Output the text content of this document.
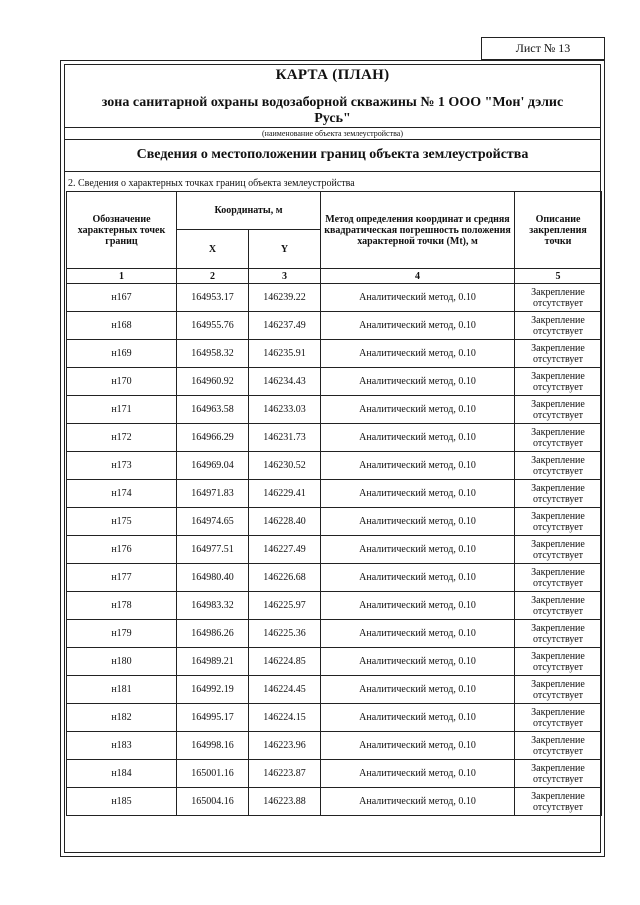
Лист № 13
КАРТА (ПЛАН)
зона санитарной охраны водозаборной скважины № 1 ООО "Мон' дэлис Русь"
(наименование объекта землеустройства)
Сведения о местоположении границ объекта землеустройства
2. Сведения о характерных точках границ объекта землеустройства
Обозначение характерных точек границ	Координаты, м		Метод определения координат и средняя квадратическая погрешность положения характерной точки (Mt), м	Описание закрепления точки
	X	Y		
1	2	3	4	5
н167	164953.17	146239.22	Аналитический метод, 0.10	Закрепление
отсутствует

н168	164955.76	146237.49	Аналитический метод, 0.10	Закрепление
отсутствует

н169	164958.32	146235.91	Аналитический метод, 0.10	Закрепление
отсутствует

н170	164960.92	146234.43	Аналитический метод, 0.10	Закрепление
отсутствует

н171	164963.58	146233.03	Аналитический метод, 0.10	Закрепление
отсутствует

н172	164966.29	146231.73	Аналитический метод, 0.10	Закрепление
отсутствует

н173	164969.04	146230.52	Аналитический метод, 0.10	Закрепление
отсутствует

н174	164971.83	146229.41	Аналитический метод, 0.10	Закрепление
отсутствует

н175	164974.65	146228.40	Аналитический метод, 0.10	Закрепление
отсутствует

н176	164977.51	146227.49	Аналитический метод, 0.10	Закрепление
отсутствует

н177	164980.40	146226.68	Аналитический метод, 0.10	Закрепление
отсутствует

н178	164983.32	146225.97	Аналитический метод, 0.10	Закрепление
отсутствует

н179	164986.26	146225.36	Аналитический метод, 0.10	Закрепление
отсутствует

н180	164989.21	146224.85	Аналитический метод, 0.10	Закрепление
отсутствует

н181	164992.19	146224.45	Аналитический метод, 0.10	Закрепление
отсутствует

н182	164995.17	146224.15	Аналитический метод, 0.10	Закрепление
отсутствует

н183	164998.16	146223.96	Аналитический метод, 0.10	Закрепление
отсутствует

н184	165001.16	146223.87	Аналитический метод, 0.10	Закрепление
отсутствует

н185	165004.16	146223.88	Аналитический метод, 0.10	Закрепление
отсутствует
